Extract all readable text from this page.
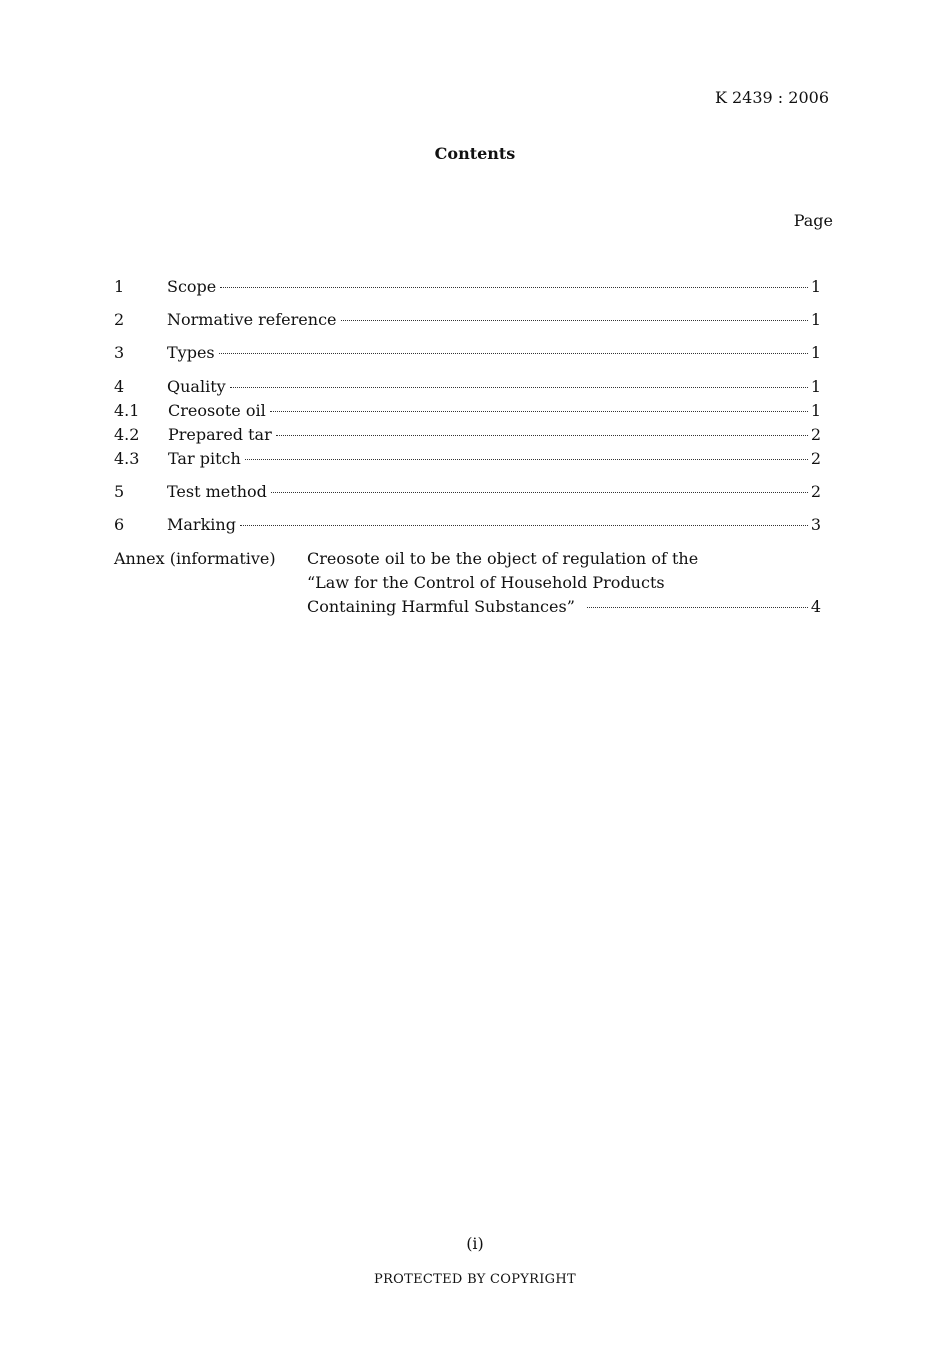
K 2439 : 2006
Contents
Page
1	Scope	1
2	Normative reference	1
3	Types	1
4	Quality	1
4.1 Creosote oil	1
4.2 Prepared tar	2
4.3 Tar pitch	2
5	Test method	2
6	Marking	3
Annex (informative) Creosote oil to be the object of regulation of the
“Law for the Control of Household Products
Containing Harmful Substances”	4
(i)
PROTECTED BY COPYRIGHT
